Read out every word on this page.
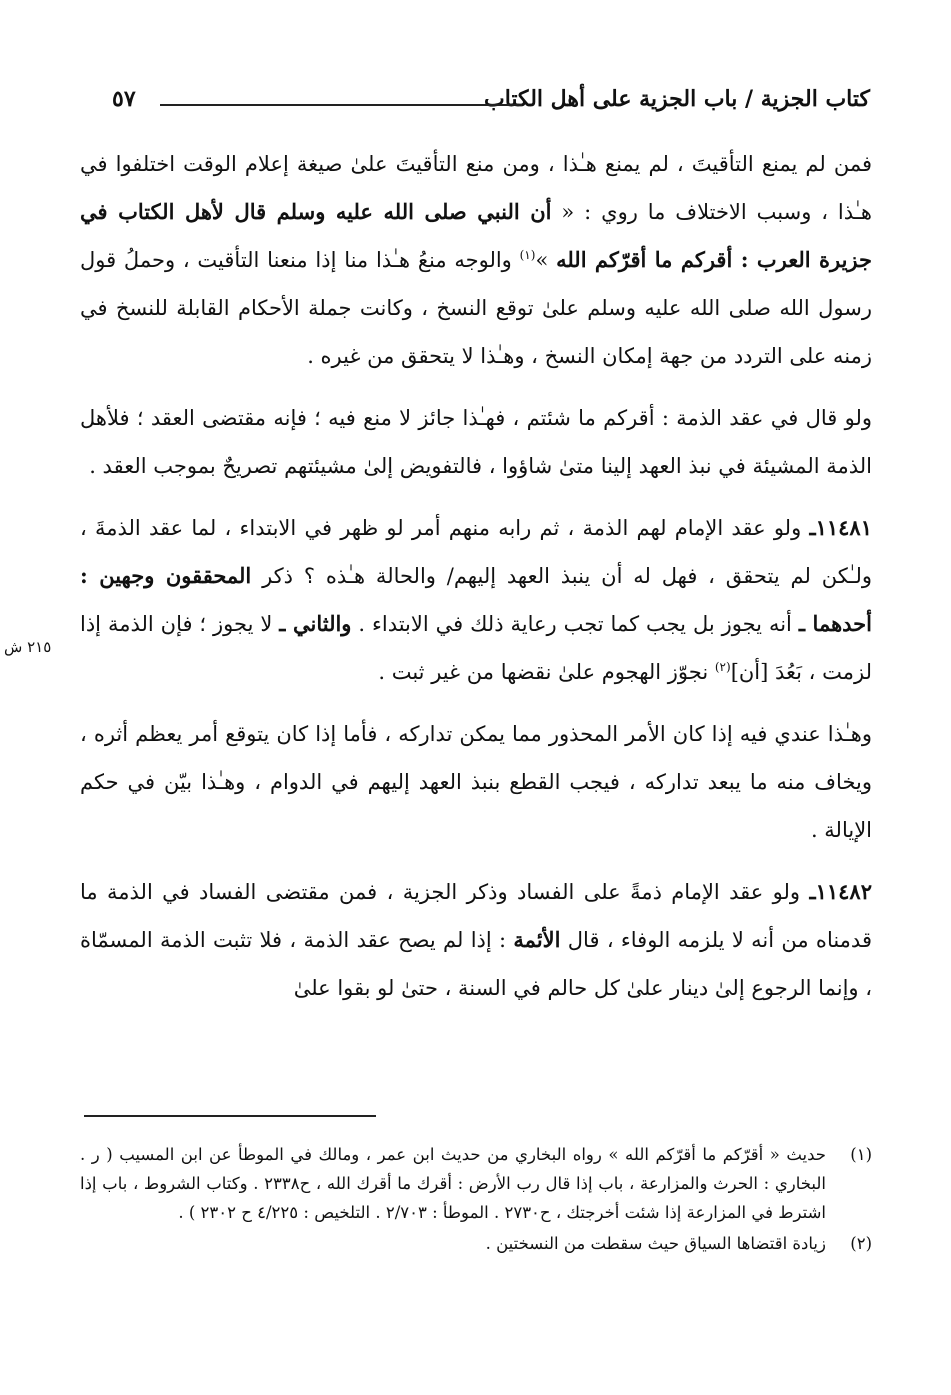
كتاب الجزية / باب الجزية على أهل الكتاب
٥٧
٢١٥ ش

فمن لم يمنع التأقيتَ ، لم يمنع هـٰذا ، ومن منع التأقيتَ علىٰ صيغة إعلام الوقت اختلفوا في هـٰذا ، وسبب الاختلاف ما روي : « أن النبي صلى الله عليه وسلم قال لأهل الكتاب في جزيرة العرب : أقركم ما أقرّكم الله »$^{(١)}$ والوجه منعُ هـٰذا منا إذا منعنا التأقيت ، وحملُ قول رسول الله صلى الله عليه وسلم علىٰ توقع النسخ ، وكانت جملة الأحكام القابلة للنسخ في زمنه على التردد من جهة إمكان النسخ ، وهـٰذا لا يتحقق من غيره .

ولو قال في عقد الذمة : أقركم ما شئتم ، فهـٰذا جائز لا منع فيه ؛ فإنه مقتضى العقد ؛ فلأهل الذمة المشيئة في نبذ العهد إلينا متىٰ شاؤوا ، فالتفويض إلىٰ مشيئتهم تصريحٌ بموجب العقد .

١١٤٨١ـ ولو عقد الإمام لهم الذمة ، ثم رابه منهم أمر لو ظهر في الابتداء ، لما عقد الذمةَ ، ولـٰكن لم يتحقق ، فهل له أن ينبذ العهد إليهم/ والحالة هـٰذه ؟ ذكر المحققون وجهين : أحدهما ـ أنه يجوز بل يجب كما تجب رعاية ذلك في الابتداء . والثاني ـ لا يجوز ؛ فإن الذمة إذا لزمت ، بَعُدَ [أن]$^{(٢)}$ نجوّز الهجوم علىٰ نقضها من غير ثبت .

وهـٰذا عندي فيه إذا كان الأمر المحذور مما يمكن تداركه ، فأما إذا كان يتوقع أمر يعظم أثره ، ويخاف منه ما يبعد تداركه ، فيجب القطع بنبذ العهد إليهم في الدوام ، وهـٰذا بيّن في حكم الإيالة .

١١٤٨٢ـ ولو عقد الإمام ذمةً على الفساد وذكر الجزية ، فمن مقتضى الفساد في الذمة ما قدمناه من أنه لا يلزمه الوفاء ، قال الأئمة : إذا لم يصح عقد الذمة ، فلا تثبت الذمة المسمّاة ، وإنما الرجوع إلىٰ دينار علىٰ كل حالم في السنة ، حتىٰ لو بقوا علىٰ

(١)
حديث « أقرّكم ما أقرّكم الله » رواه البخاري من حديث ابن عمر ، ومالك في الموطأ عن ابن المسيب ( ر . البخاري : الحرث والمزارعة ، باب إذا قال رب الأرض : أقرك ما أقرك الله ، ح٢٣٣٨ . وكتاب الشروط ، باب إذا اشترط في المزارعة إذا شئت أخرجتك ، ح٢٧٣٠ . الموطأ : ٢/٧٠٣ . التلخيص : ٤/٢٢٥ ح ٢٣٠٢ ) .
(٢)
زيادة اقتضاها السياق حيث سقطت من النسختين .
